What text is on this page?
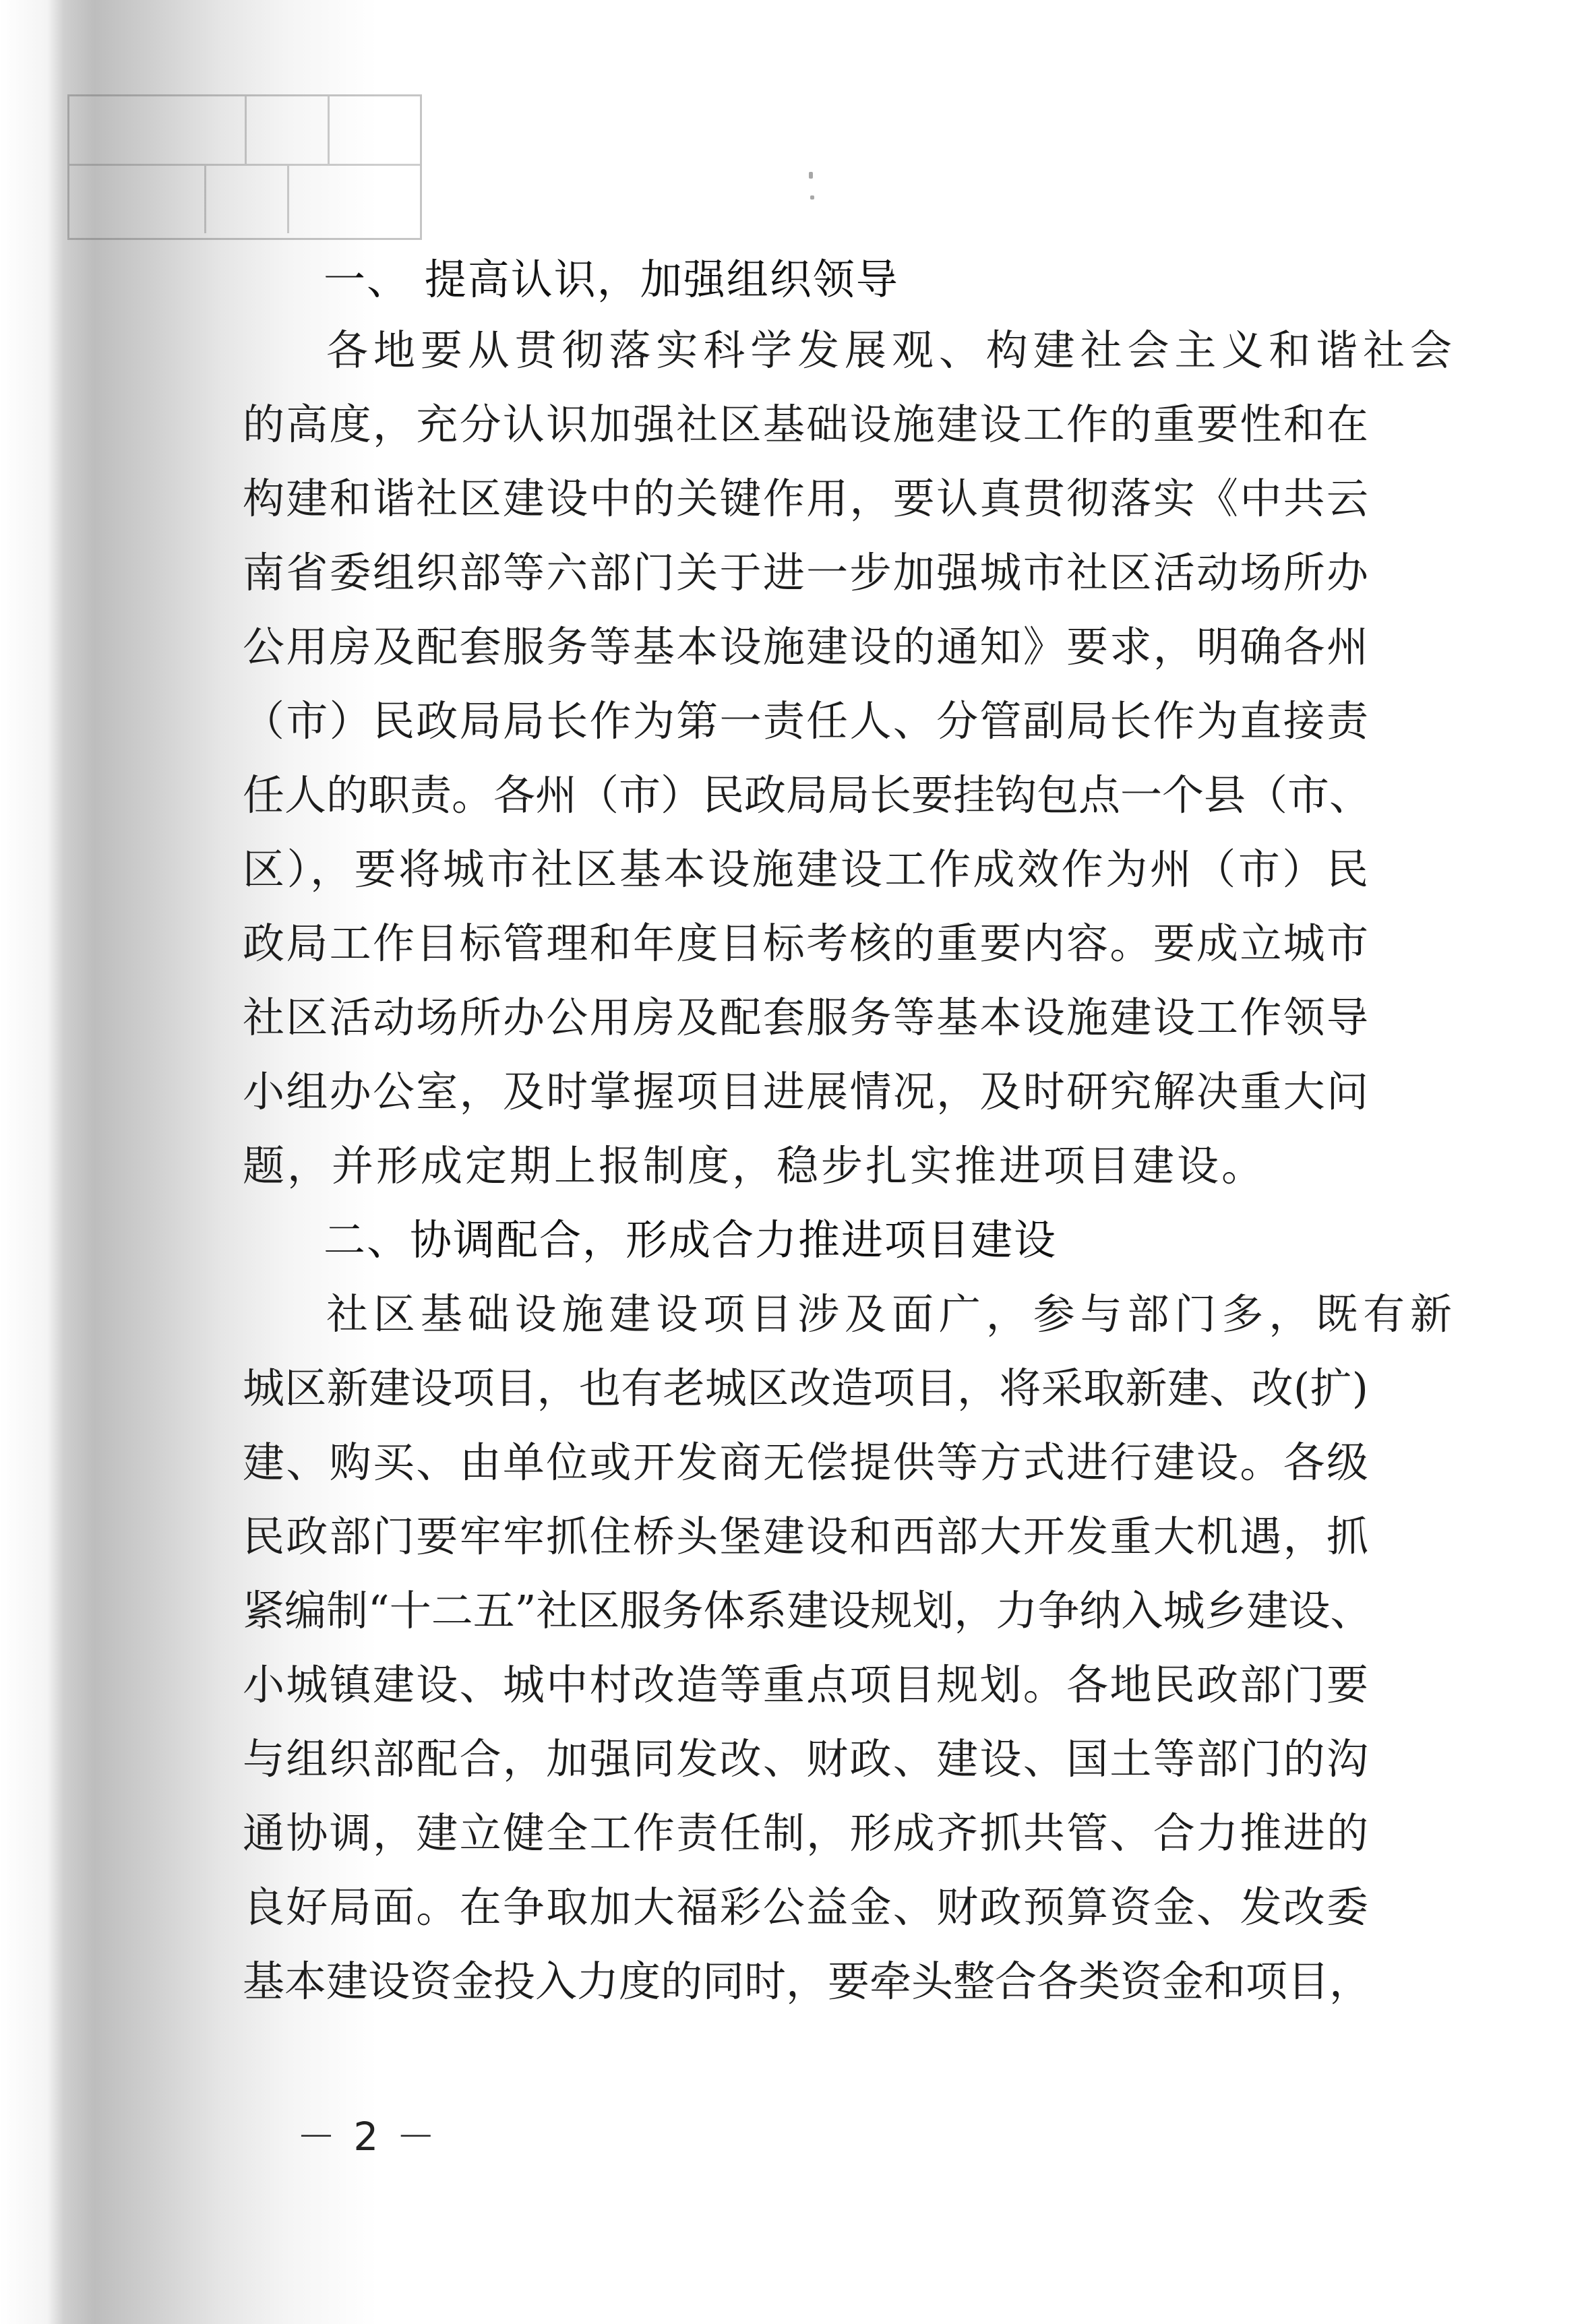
一、 提高认识，加强组织领导
各地要从贯彻落实科学发展观、构建社会主义和谐社会
的高度，充分认识加强社区基础设施建设工作的重要性和在
构建和谐社区建设中的关键作用，要认真贯彻落实《中共云
南省委组织部等六部门关于进一步加强城市社区活动场所办
公用房及配套服务等基本设施建设的通知》要求，明确各州
（市）民政局局长作为第一责任人、分管副局长作为直接责
任人的职责。各州（市）民政局局长要挂钩包点一个县（市、
区），要将城市社区基本设施建设工作成效作为州（市）民
政局工作目标管理和年度目标考核的重要内容。要成立城市
社区活动场所办公用房及配套服务等基本设施建设工作领导
小组办公室，及时掌握项目进展情况，及时研究解决重大问
题，并形成定期上报制度，稳步扎实推进项目建设。
二、协调配合，形成合力推进项目建设
社区基础设施建设项目涉及面广，参与部门多，既有新
城区新建设项目，也有老城区改造项目，将采取新建、改(扩)
建、购买、由单位或开发商无偿提供等方式进行建设。各级
民政部门要牢牢抓住桥头堡建设和西部大开发重大机遇，抓
紧编制“十二五”社区服务体系建设规划，力争纳入城乡建设、
小城镇建设、城中村改造等重点项目规划。各地民政部门要
与组织部配合，加强同发改、财政、建设、国土等部门的沟
通协调，建立健全工作责任制，形成齐抓共管、合力推进的
良好局面。在争取加大福彩公益金、财政预算资金、发改委
基本建设资金投入力度的同时，要牵头整合各类资金和项目，
－ 2 －
